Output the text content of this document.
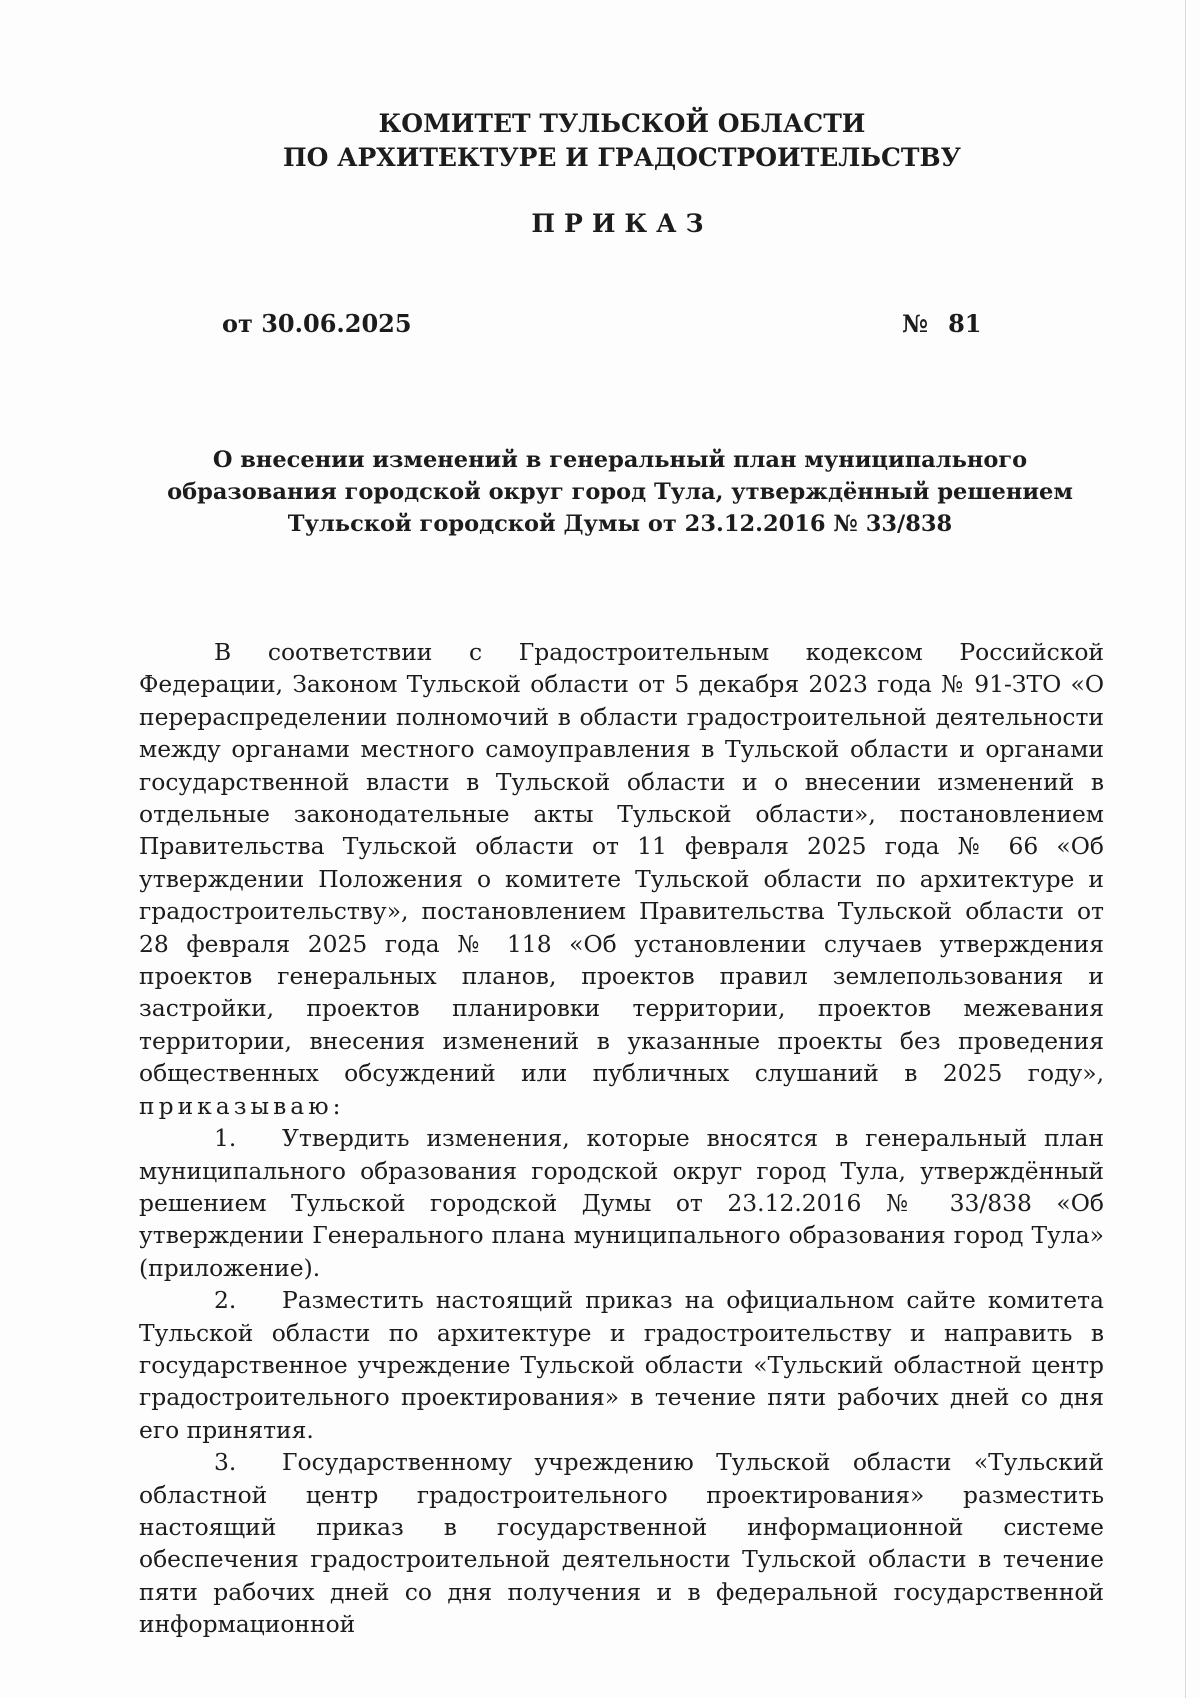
КОМИТЕТ ТУЛЬСКОЙ ОБЛАСТИ
ПО АРХИТЕКТУРЕ И ГРАДОСТРОИТЕЛЬСТВУ
ПРИКАЗ
от 30.06.2025	№ 81
О внесении изменений в генеральный план муниципального
образования городской округ город Тула, утверждённый решением
Тульской городской Думы от 23.12.2016 № 33/838

В соответствии с Градостроительным кодексом Российской Федерации, Законом Тульской области от 5 декабря 2023 года № 91-ЗТО «О перераспределении полномочий в области градостроительной деятельности между органами местного самоуправления в Тульской области и органами государственной власти в Тульской области и о внесении изменений в отдельные законодательные акты Тульской области», постановлением Правительства Тульской области от 11 февраля 2025 года № 66 «Об утверждении Положения о комитете Тульской области по архитектуре и градостроительству», постановлением Правительства Тульской области от 28 февраля 2025 года № 118 «Об установлении случаев утверждения проектов генеральных планов, проектов правил землепользования и застройки, проектов планировки территории, проектов межевания территории, внесения изменений в указанные проекты без проведения общественных обсуждений или публичных слушаний в 2025 году», приказываю:

1. Утвердить изменения, которые вносятся в генеральный план муниципального образования городской округ город Тула, утверждённый решением Тульской городской Думы от 23.12.2016 № 33/838 «Об утверждении Генерального плана муниципального образования город Тула» (приложение).

2. Разместить настоящий приказ на официальном сайте комитета Тульской области по архитектуре и градостроительству и направить в государственное учреждение Тульской области «Тульский областной центр градостроительного проектирования» в течение пяти рабочих дней со дня его принятия.

3. Государственному учреждению Тульской области «Тульский областной центр градостроительного проектирования» разместить настоящий приказ в государственной информационной системе обеспечения градостроительной деятельности Тульской области в течение пяти рабочих дней со дня получения и в федеральной государственной информационной
